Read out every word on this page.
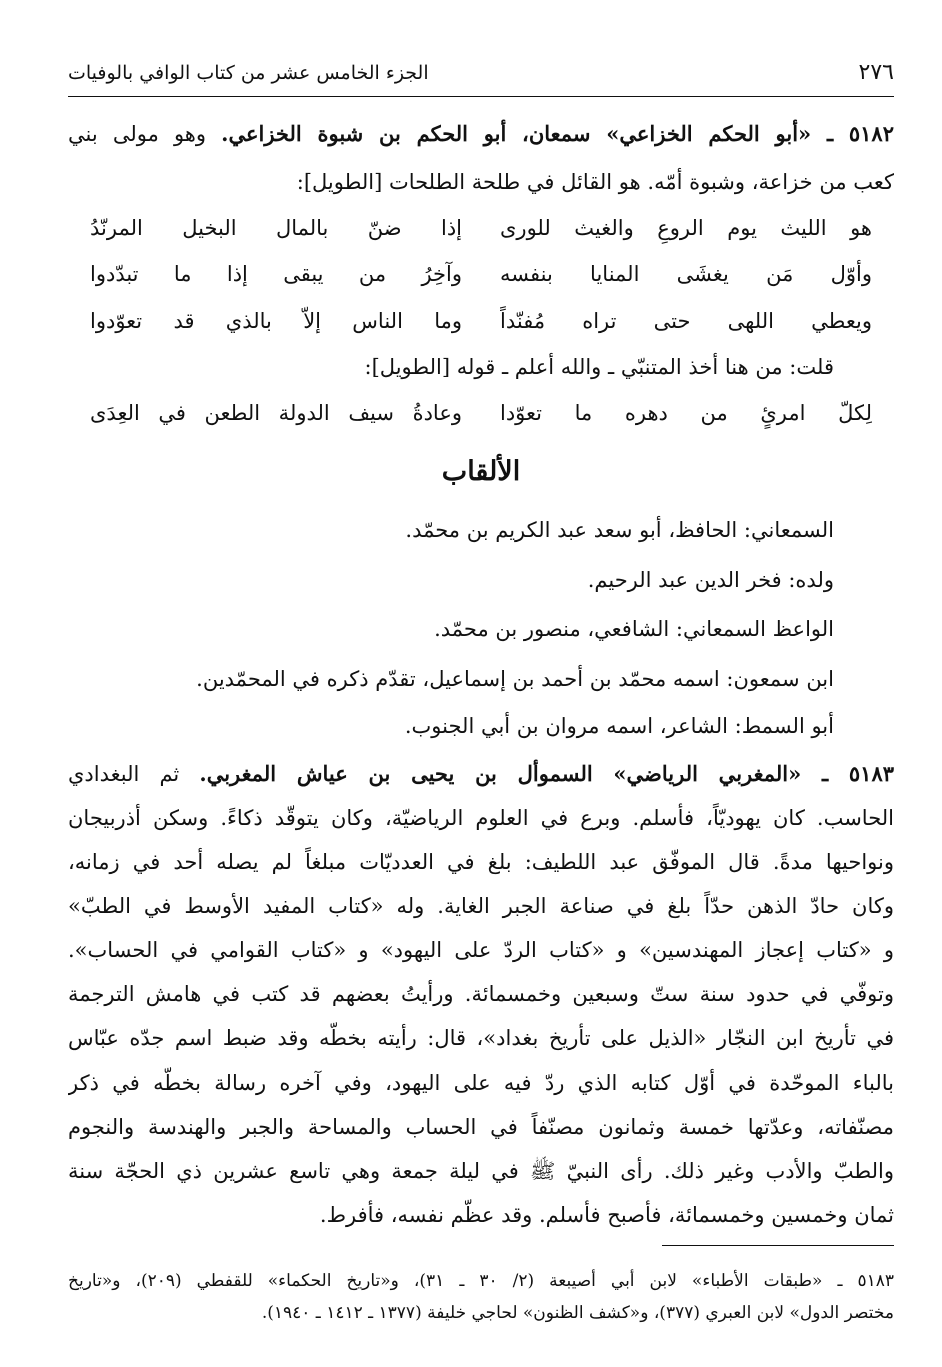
٢٧٦
الجزء الخامس عشر من كتاب الوافي بالوفيات
٥١٨٢ ـ «أبو الحكم الخزاعي» سمعان، أبو الحكم بن شبوة الخزاعي. وهو مولى بني
كعب من خزاعة، وشبوة أمّه. هو القائل في طلحة الطلحات [الطويل]:
هو الليث يوم الروعِ والغيث للورى
إذا ضنّ بالمال البخيل المرنّدُ
وأوّل مَن يغشَى المنايا بنفسه
وآخِرُ من يبقى إذا ما تبدّدوا
ويعطي اللهى حتى تراه مُفنّداً
وما الناس إلاّ بالذي قد تعوّدوا
قلت: من هنا أخذ المتنبّي ـ والله أعلم ـ قوله [الطويل]:
لِكلّ امرئٍ من دهره ما تعوّدا
وعادةُ سيف الدولة الطعن في العِدَى
الألقاب
السمعاني: الحافظ، أبو سعد عبد الكريم بن محمّد.
ولده: فخر الدين عبد الرحيم.
الواعظ السمعاني: الشافعي، منصور بن محمّد.
ابن سمعون: اسمه محمّد بن أحمد بن إسماعيل، تقدّم ذكره في المحمّدين.
أبو السمط: الشاعر، اسمه مروان بن أبي الجنوب.
٥١٨٣ ـ «المغربي الرياضي» السموأل بن يحيى بن عياش المغربي. ثم البغدادي
الحاسب. كان يهوديّاً، فأسلم. وبرع في العلوم الرياضيّة، وكان يتوقّد ذكاءً. وسكن أذربيجان
ونواحيها مدةً. قال الموفّق عبد اللطيف: بلغ في العدديّات مبلغاً لم يصله أحد في زمانه،
وكان حادّ الذهن حدّاً بلغ في صناعة الجبر الغاية. وله «كتاب المفيد الأوسط في الطبّ»
و «كتاب إعجاز المهندسين» و «كتاب الردّ على اليهود» و «كتاب القوامي في الحساب».
وتوفّي في حدود سنة ستّ وسبعين وخمسمائة. ورأيتُ بعضهم قد كتب في هامش الترجمة
في تأريخ ابن النجّار «الذيل على تأريخ بغداد»، قال: رأيته بخطّه وقد ضبط اسم جدّه عبّاس
بالباء الموحّدة في أوّل كتابه الذي ردّ فيه على اليهود، وفي آخره رسالة بخطّه في ذكر
مصنّفاته، وعدّتها خمسة وثمانون مصنّفاً في الحساب والمساحة والجبر والهندسة والنجوم
والطبّ والأدب وغير ذلك. رأى النبيّ ﷺ في ليلة جمعة وهي تاسع عشرين ذي الحجّة سنة
ثمان وخمسين وخمسمائة، فأصبح فأسلم. وقد عظّم نفسه، فأفرط.
٥١٨٣ ـ «طبقات الأطباء» لابن أبي أصيبعة (٢/ ٣٠ ـ ٣١)، و«تاريخ الحكماء» للقفطي (٢٠٩)، و«تاريخ
مختصر الدول» لابن العبري (٣٧٧)، و«كشف الظنون» لحاجي خليفة (١٣٧٧ ـ ١٤١٢ ـ ١٩٤٠).
